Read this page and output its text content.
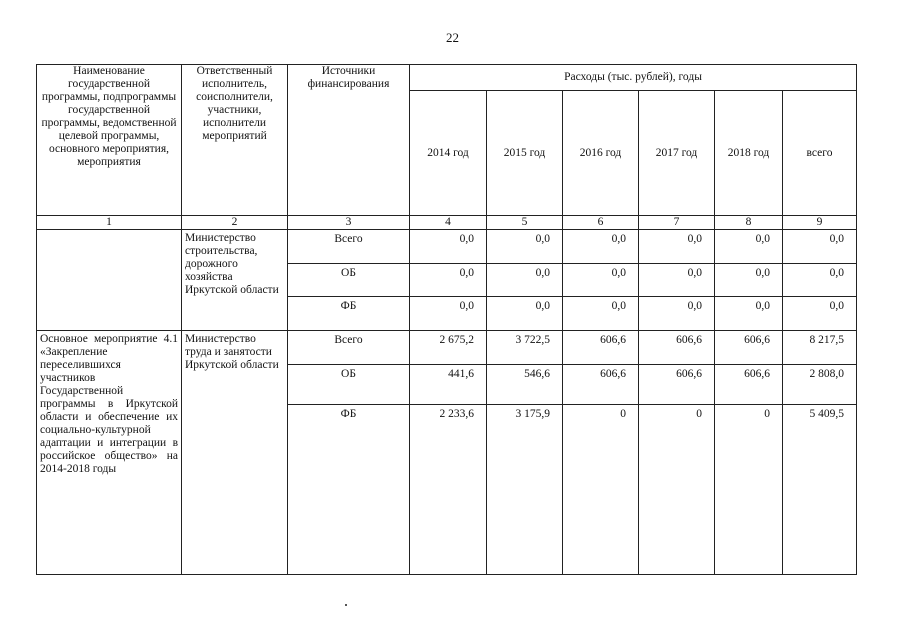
22
Наименование государственной программы, подпрограммы государственной программы, ведомственной целевой программы, основного мероприятия, мероприятия	Ответственный исполнитель, соисполнители, участники, исполнители мероприятий	Источники финансирования	Расходы (тыс. рублей), годы					
			2014 год	2015 год	2016 год	2017 год	2018 год	всего
1	2	3	4	5	6	7	8	9
	Министерство строительства, дорожного хозяйства Иркутской области	Всего	0,0	0,0	0,0	0,0	0,0	0,0
		ОБ	0,0	0,0	0,0	0,0	0,0	0,0
		ФБ	0,0	0,0	0,0	0,0	0,0	0,0
Основное мероприятие 4.1 «Закрепление переселившихся участников Государственной программы в Иркутской области и обеспечение их социально-культурной адаптации и интеграции в российское общество» на 2014-2018 годы	Министерство труда и занятости Иркутской области	Всего	2 675,2	3 722,5	606,6	606,6	606,6	8 217,5
		ОБ	441,6	546,6	606,6	606,6	606,6	2 808,0
		ФБ	2 233,6	3 175,9	0	0	0	5 409,5
